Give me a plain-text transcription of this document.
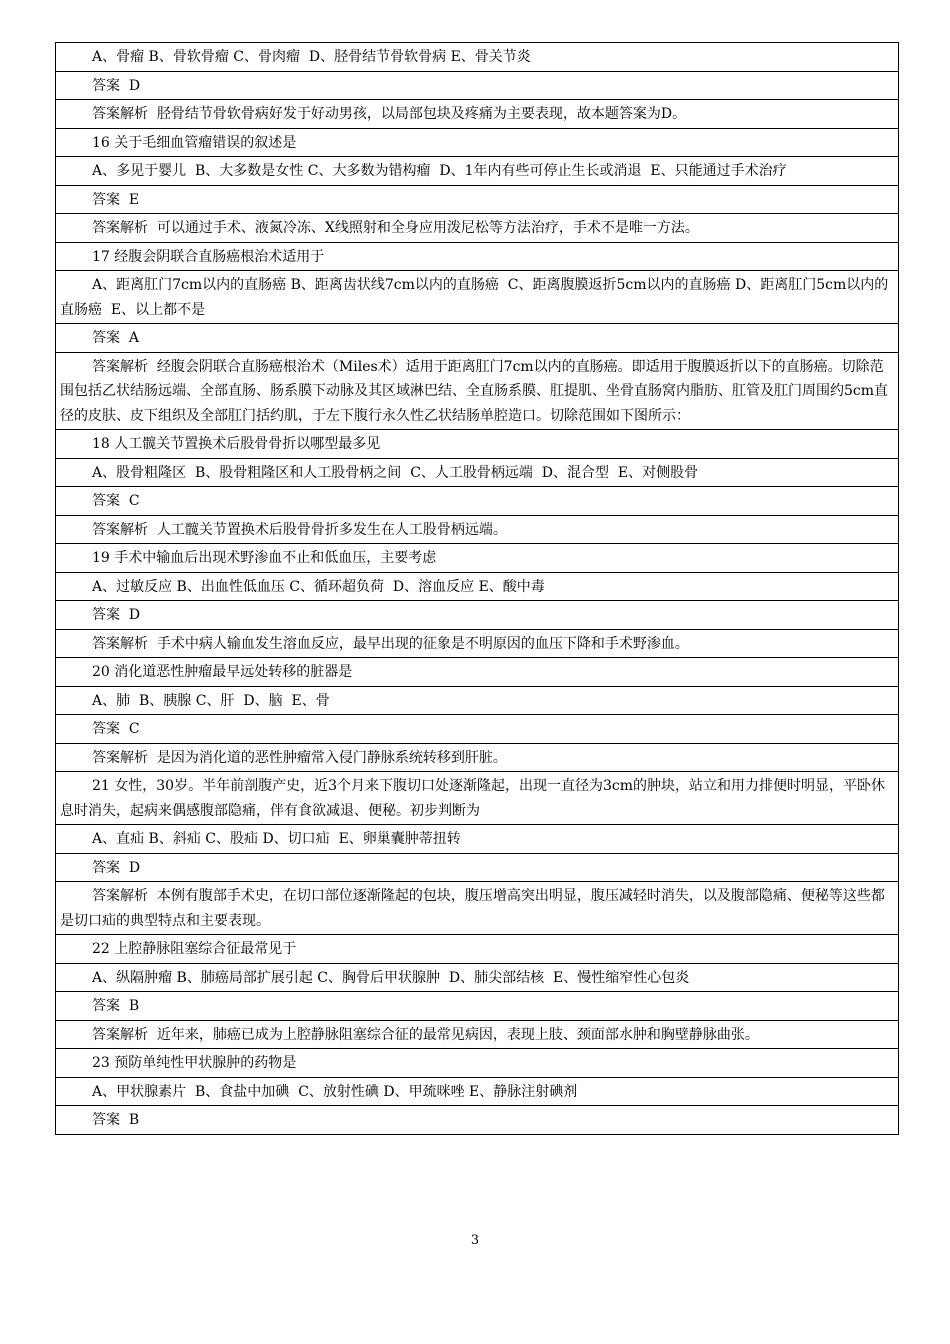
A、骨瘤 B、骨软骨瘤 C、骨肉瘤  D、胫骨结节骨软骨病 E、骨关节炎
答案  D
答案解析  胫骨结节骨软骨病好发于好动男孩，以局部包块及疼痛为主要表现，故本题答案为D。
16 关于毛细血管瘤错误的叙述是
A、多见于婴儿  B、大多数是女性 C、大多数为错构瘤  D、1年内有些可停止生长或消退  E、只能通过手术治疗
答案  E
答案解析  可以通过手术、液氮冷冻、X线照射和全身应用泼尼松等方法治疗，手术不是唯一方法。
17 经腹会阴联合直肠癌根治术适用于
A、距离肛门7cm以内的直肠癌 B、距离齿状线7cm以内的直肠癌  C、距离腹膜返折5cm以内的直肠癌 D、距离肛门5cm以内的直肠癌  E、以上都不是
答案  A
答案解析  经腹会阴联合直肠癌根治术（Miles术）适用于距离肛门7cm以内的直肠癌。即适用于腹膜返折以下的直肠癌。切除范围包括乙状结肠远端、全部直肠、肠系膜下动脉及其区域淋巴结、全直肠系膜、肛提肌、坐骨直肠窝内脂肪、肛管及肛门周围约5cm直径的皮肤、皮下组织及全部肛门括约肌，于左下腹行永久性乙状结肠单腔造口。切除范围如下图所示：
18 人工髋关节置换术后股骨骨折以哪型最多见
A、股骨粗隆区  B、股骨粗隆区和人工股骨柄之间  C、人工股骨柄远端  D、混合型  E、对侧股骨
答案  C
答案解析  人工髋关节置换术后股骨骨折多发生在人工股骨柄远端。
19 手术中输血后出现术野渗血不止和低血压，主要考虑
A、过敏反应 B、出血性低血压 C、循环超负荷  D、溶血反应 E、酸中毒
答案  D
答案解析  手术中病人输血发生溶血反应，最早出现的征象是不明原因的血压下降和手术野渗血。
20 消化道恶性肿瘤最早远处转移的脏器是
A、肺  B、胰腺 C、肝  D、脑  E、骨
答案  C
答案解析  是因为消化道的恶性肿瘤常入侵门静脉系统转移到肝脏。
21 女性，30岁。半年前剖腹产史，近3个月来下腹切口处逐渐隆起，出现一直径为3cm的肿块，站立和用力排便时明显，平卧休息时消失，起病来偶感腹部隐痛，伴有食欲减退、便秘。初步判断为
A、直疝 B、斜疝 C、股疝 D、切口疝  E、卵巢囊肿蒂扭转
答案  D
答案解析  本例有腹部手术史，在切口部位逐渐隆起的包块，腹压增高突出明显，腹压减轻时消失，以及腹部隐痛、便秘等这些都是切口疝的典型特点和主要表现。
22 上腔静脉阻塞综合征最常见于
A、纵隔肿瘤 B、肺癌局部扩展引起 C、胸骨后甲状腺肿  D、肺尖部结核  E、慢性缩窄性心包炎
答案  B
答案解析  近年来，肺癌已成为上腔静脉阻塞综合征的最常见病因，表现上肢、颈面部水肿和胸壁静脉曲张。
23 预防单纯性甲状腺肿的药物是
A、甲状腺素片  B、食盐中加碘  C、放射性碘 D、甲巯咪唑 E、静脉注射碘剂
答案  B
3
